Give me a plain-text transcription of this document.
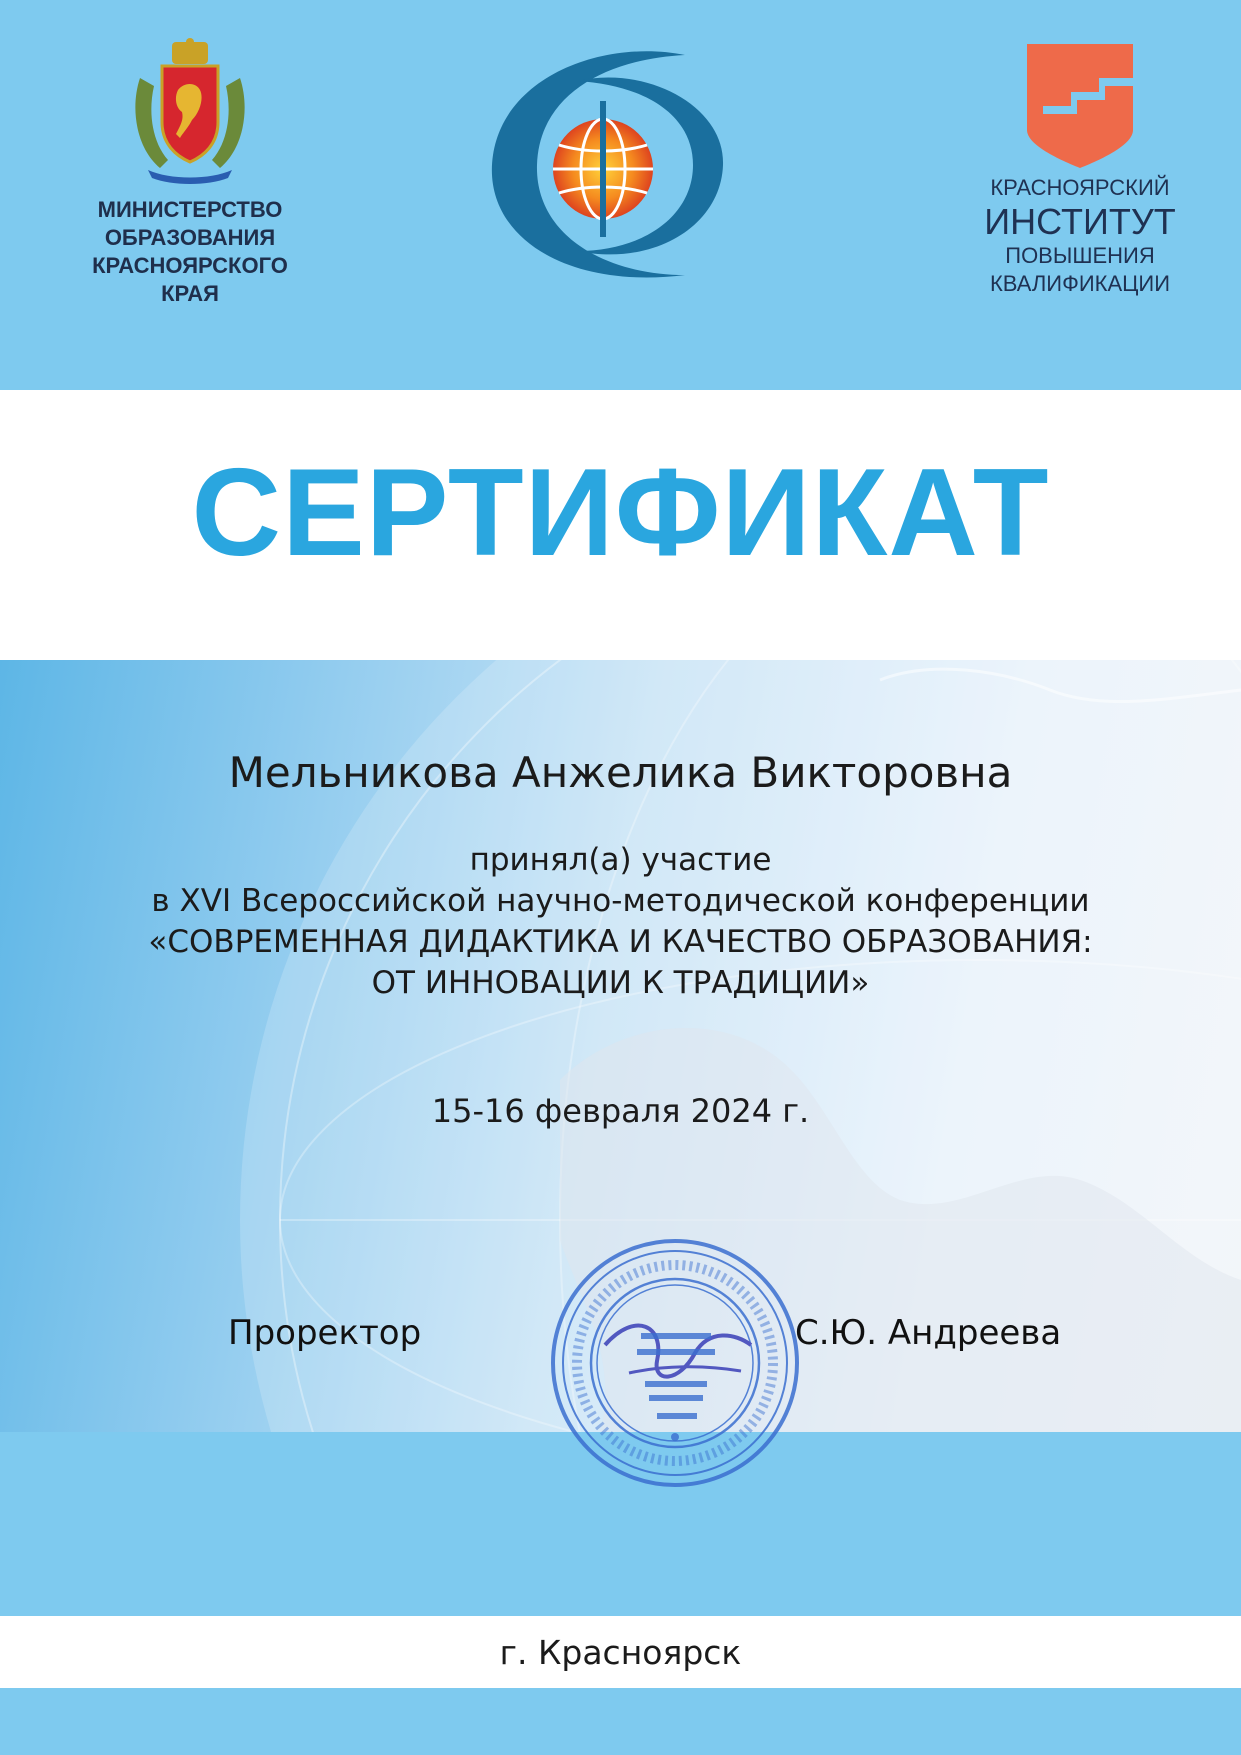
МИНИСТЕРСТВО
ОБРАЗОВАНИЯ
КРАСНОЯРСКОГО
КРАЯ
КРАСНОЯРСКИЙ
ИНСТИТУТ
ПОВЫШЕНИЯ
КВАЛИФИКАЦИИ
СЕРТИФИКАТ
Мельникова Анжелика Викторовна
принял(а) участие
в XVI Всероссийской научно-методической конференции
«СОВРЕМЕННАЯ ДИДАКТИКА И КАЧЕСТВО ОБРАЗОВАНИЯ:
ОТ ИННОВАЦИИ К ТРАДИЦИИ»
15-16 февраля 2024 г.
Проректор	С.Ю. Андреева
г. Красноярск
